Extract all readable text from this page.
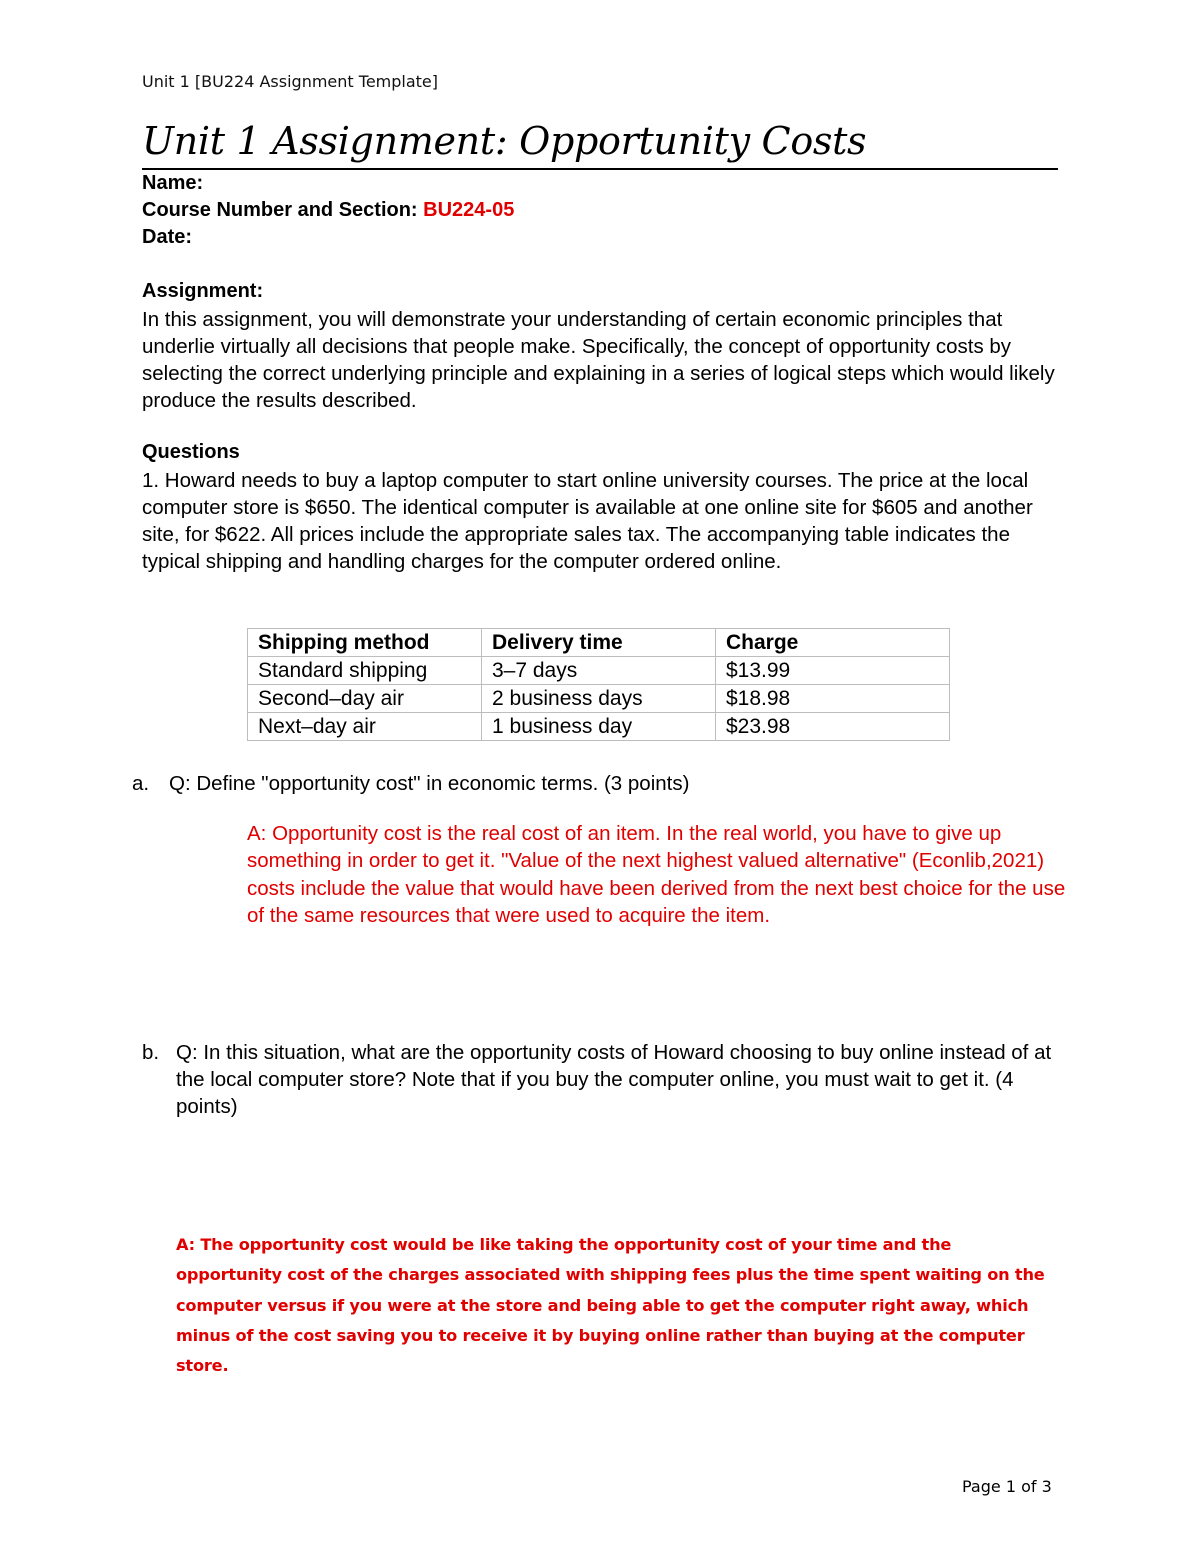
Unit 1 [BU224 Assignment Template]
Unit 1 Assignment: Opportunity Costs
Name:
Course Number and Section: BU224-05
Date:
Assignment:
In this assignment, you will demonstrate your understanding of certain economic principles that underlie virtually all decisions that people make. Specifically, the concept of opportunity costs by selecting the correct underlying principle and explaining in a series of logical steps which would likely produce the results described.
Questions
1. Howard needs to buy a laptop computer to start online university courses. The price at the local computer store is $650. The identical computer is available at one online site for $605 and another site, for $622. All prices include the appropriate sales tax. The accompanying table indicates the typical shipping and handling charges for the computer ordered online.
Shipping method	Delivery time	Charge
Standard shipping	3–7 days	$13.99
Second–day air	2 business days	$18.98
Next–day air	1 business day	$23.98
a. Q: Define "opportunity cost" in economic terms. (3 points)
A: Opportunity cost is the real cost of an item. In the real world, you have to give up something in order to get it. "Value of the next highest valued alternative" (Econlib,2021) costs include the value that would have been derived from the next best choice for the use of the same resources that were used to acquire the item.
b. Q: In this situation, what are the opportunity costs of Howard choosing to buy online instead of at the local computer store? Note that if you buy the computer online, you must wait to get it. (4 points)
A: The opportunity cost would be like taking the opportunity cost of your time and the opportunity cost of the charges associated with shipping fees plus the time spent waiting on the computer versus if you were at the store and being able to get the computer right away, which minus of the cost saving you to receive it by buying online rather than buying at the computer store.
Page 1 of 3
